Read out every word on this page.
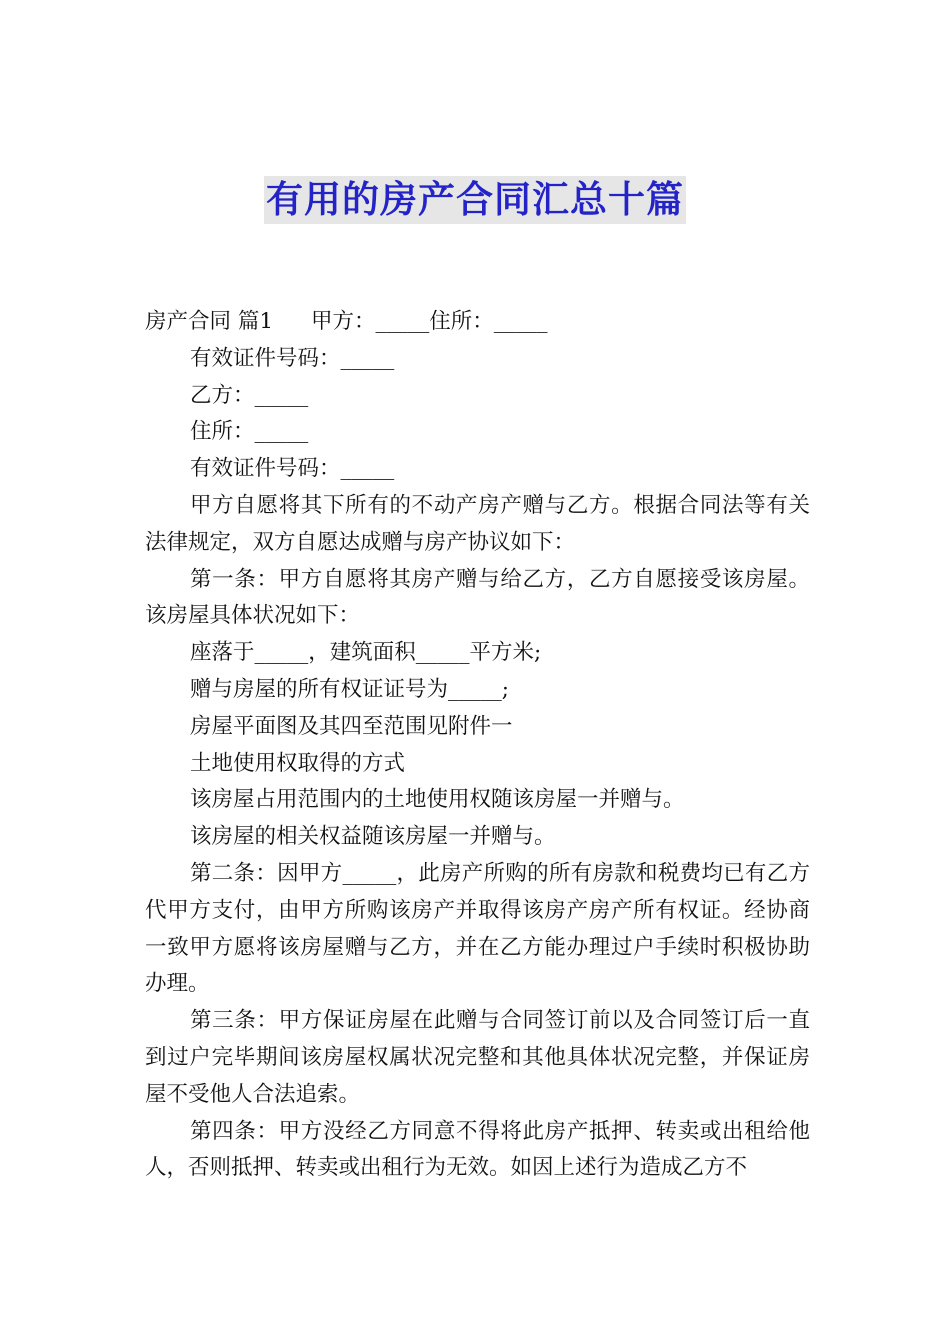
有用的房产合同汇总十篇

房产合同 篇1 甲方：_____住所：_____

有效证件号码：_____

乙方：_____

住所：_____

有效证件号码：_____

甲方自愿将其下所有的不动产房产赠与乙方。根据合同法等有关法律规定，双方自愿达成赠与房产协议如下：

第一条：甲方自愿将其房产赠与给乙方，乙方自愿接受该房屋。该房屋具体状况如下：

座落于_____，建筑面积_____平方米;

赠与房屋的所有权证证号为_____;

房屋平面图及其四至范围见附件一

土地使用权取得的方式

该房屋占用范围内的土地使用权随该房屋一并赠与。

该房屋的相关权益随该房屋一并赠与。

第二条：因甲方_____，此房产所购的所有房款和税费均已有乙方代甲方支付，由甲方所购该房产并取得该房产房产所有权证。经协商一致甲方愿将该房屋赠与乙方，并在乙方能办理过户手续时积极协助办理。

第三条：甲方保证房屋在此赠与合同签订前以及合同签订后一直到过户完毕期间该房屋权属状况完整和其他具体状况完整，并保证房屋不受他人合法追索。

第四条：甲方没经乙方同意不得将此房产抵押、转卖或出租给他人，否则抵押、转卖或出租行为无效。如因上述行为造成乙方不
